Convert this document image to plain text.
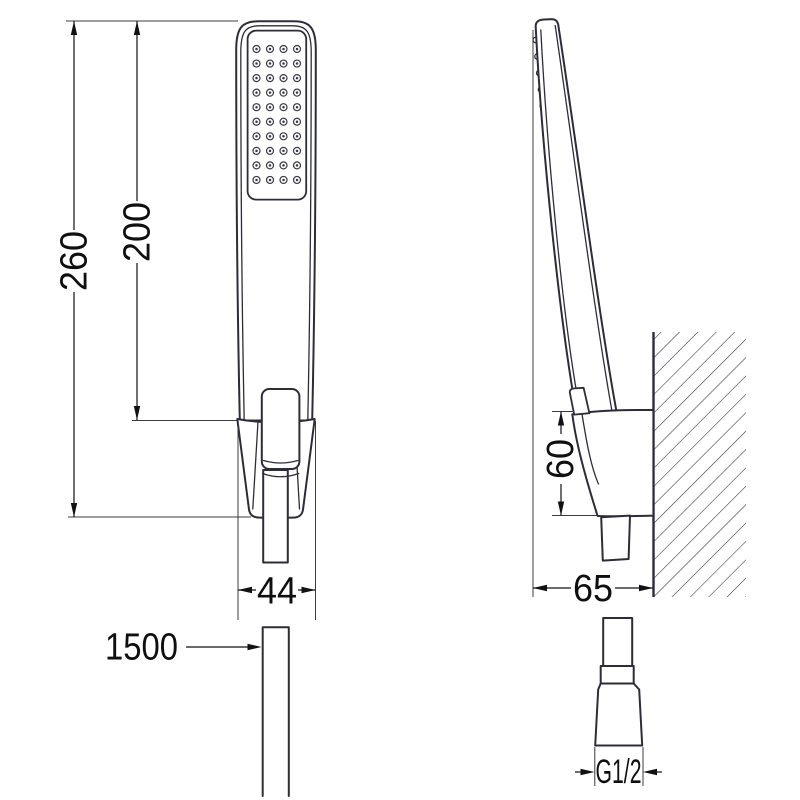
260 200
44
60
65
1500
G1/2
